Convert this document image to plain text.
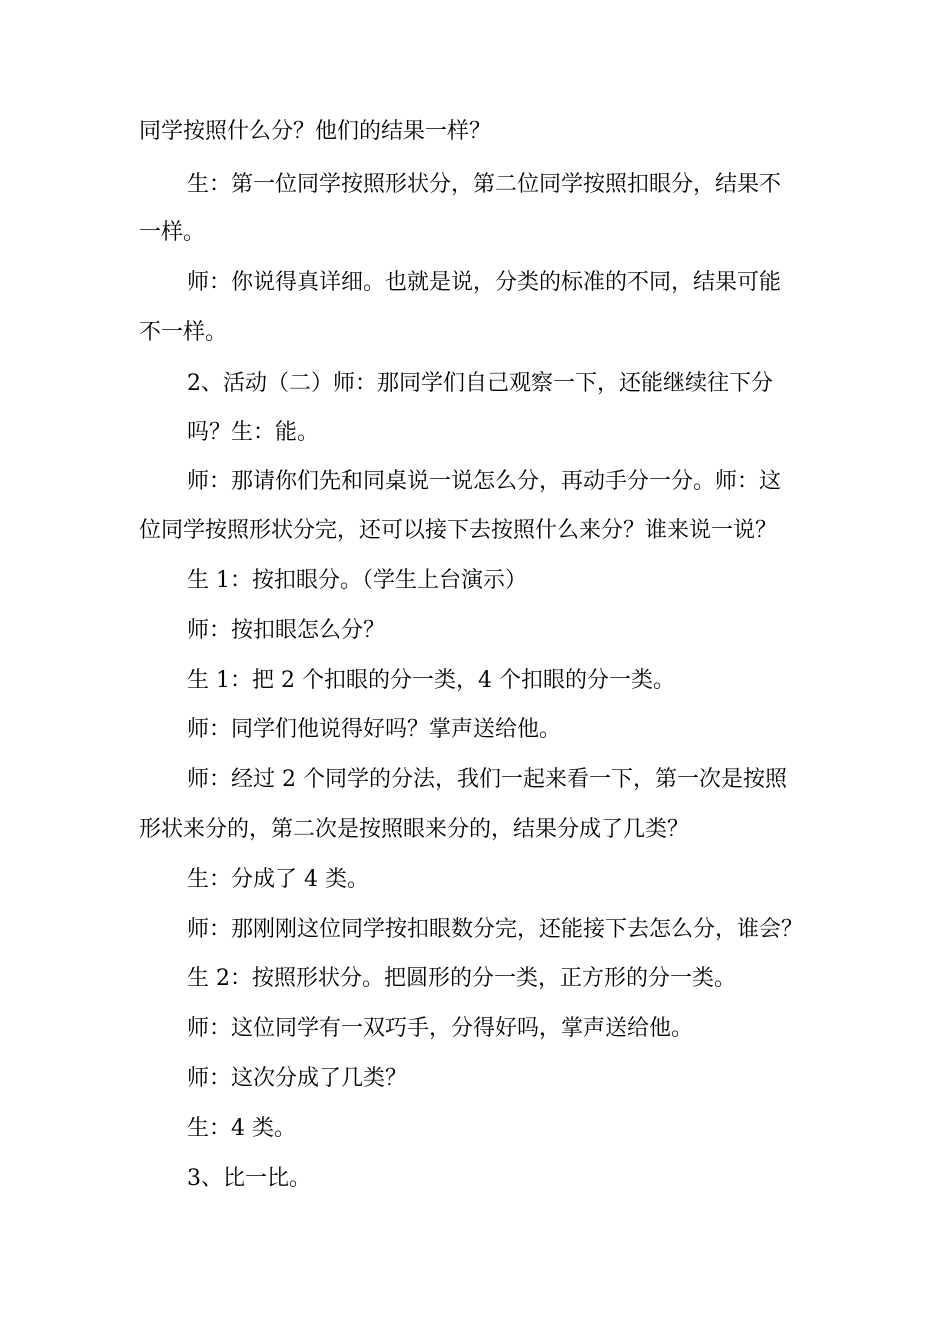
同学按照什么分？他们的结果一样？
生：第一位同学按照形状分，第二位同学按照扣眼分，结果不
一样。
师：你说得真详细。也就是说，分类的标准的不同，结果可能
不一样。
2、活动（二）师：那同学们自己观察一下，还能继续往下分
吗？生：能。
师：那请你们先和同桌说一说怎么分，再动手分一分。师：这
位同学按照形状分完，还可以接下去按照什么来分？谁来说一说？
生 1：按扣眼分。（学生上台演示）
师：按扣眼怎么分？
生 1：把 2 个扣眼的分一类，4 个扣眼的分一类。
师：同学们他说得好吗？掌声送给他。
师：经过 2 个同学的分法，我们一起来看一下，第一次是按照
形状来分的，第二次是按照眼来分的，结果分成了几类？
生：分成了 4 类。
师：那刚刚这位同学按扣眼数分完，还能接下去怎么分，谁会？
生 2：按照形状分。把圆形的分一类，正方形的分一类。
师：这位同学有一双巧手，分得好吗，掌声送给他。
师：这次分成了几类？
生：4 类。
3、比一比。
